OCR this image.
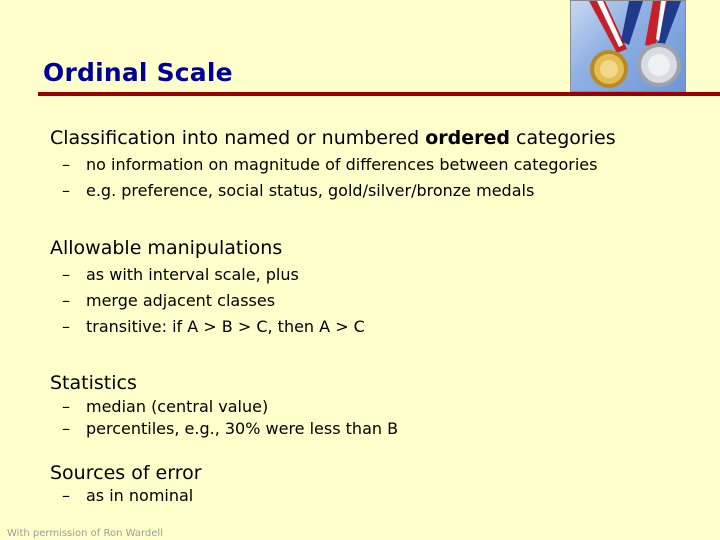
Ordinal Scale

Classification into named or numbered ordered categories

– no information on magnitude of differences between categories

– e.g. preference, social status, gold/silver/bronze medals

Allowable manipulations

– as with interval scale, plus

– merge adjacent classes

– transitive: if A > B > C, then A > C

Statistics

– median (central value)

– percentiles, e.g., 30% were less than B

Sources of error

– as in nominal

With permission of Ron Wardell
